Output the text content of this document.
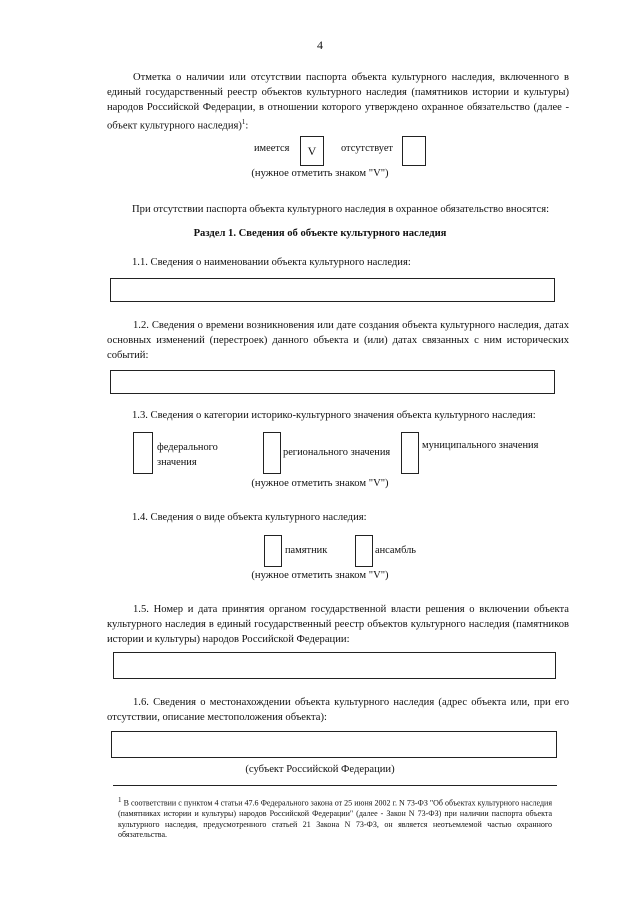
4
Отметка о наличии или отсутствии паспорта объекта культурного наследия, включенного в единый государственный реестр объектов культурного наследия (памятников истории и культуры) народов Российской Федерации, в отношении которого утверждено охранное обязательство (далее - объект культурного наследия)$^1$:
имеется	V	отсутствует
(нужное отметить знаком "V")
При отсутствии паспорта объекта культурного наследия в охранное обязательство вносятся:
Раздел 1. Сведения об объекте культурного наследия
1.1. Сведения о наименовании объекта культурного наследия:
1.2. Сведения о времени возникновения или дате создания объекта культурного наследия, датах основных изменений (перестроек) данного объекта и (или) датах связанных с ним исторических событий:
1.3. Сведения о категории историко-культурного значения объекта культурного наследия:
федерального значения
регионального значения
муниципального значения
(нужное отметить знаком "V")
1.4. Сведения о виде объекта культурного наследия:
памятник	ансамбль
(нужное отметить знаком "V")
1.5. Номер и дата принятия органом государственной власти решения о включении объекта культурного наследия в единый государственный реестр объектов культурного наследия (памятников истории и культуры) народов Российской Федерации:
1.6. Сведения о местонахождении объекта культурного наследия (адрес объекта или, при его отсутствии, описание местоположения объекта):
(субъект Российской Федерации)
$^1$ В соответствии с пунктом 4 статьи 47.6 Федерального закона от 25 июня 2002 г. N 73-ФЗ "Об объектах культурного наследия (памятниках истории и культуры) народов Российской Федерации" (далее - Закон N 73-ФЗ) при наличии паспорта объекта культурного наследия, предусмотренного статьей 21 Закона N 73-ФЗ, он является неотъемлемой частью охранного обязательства.
